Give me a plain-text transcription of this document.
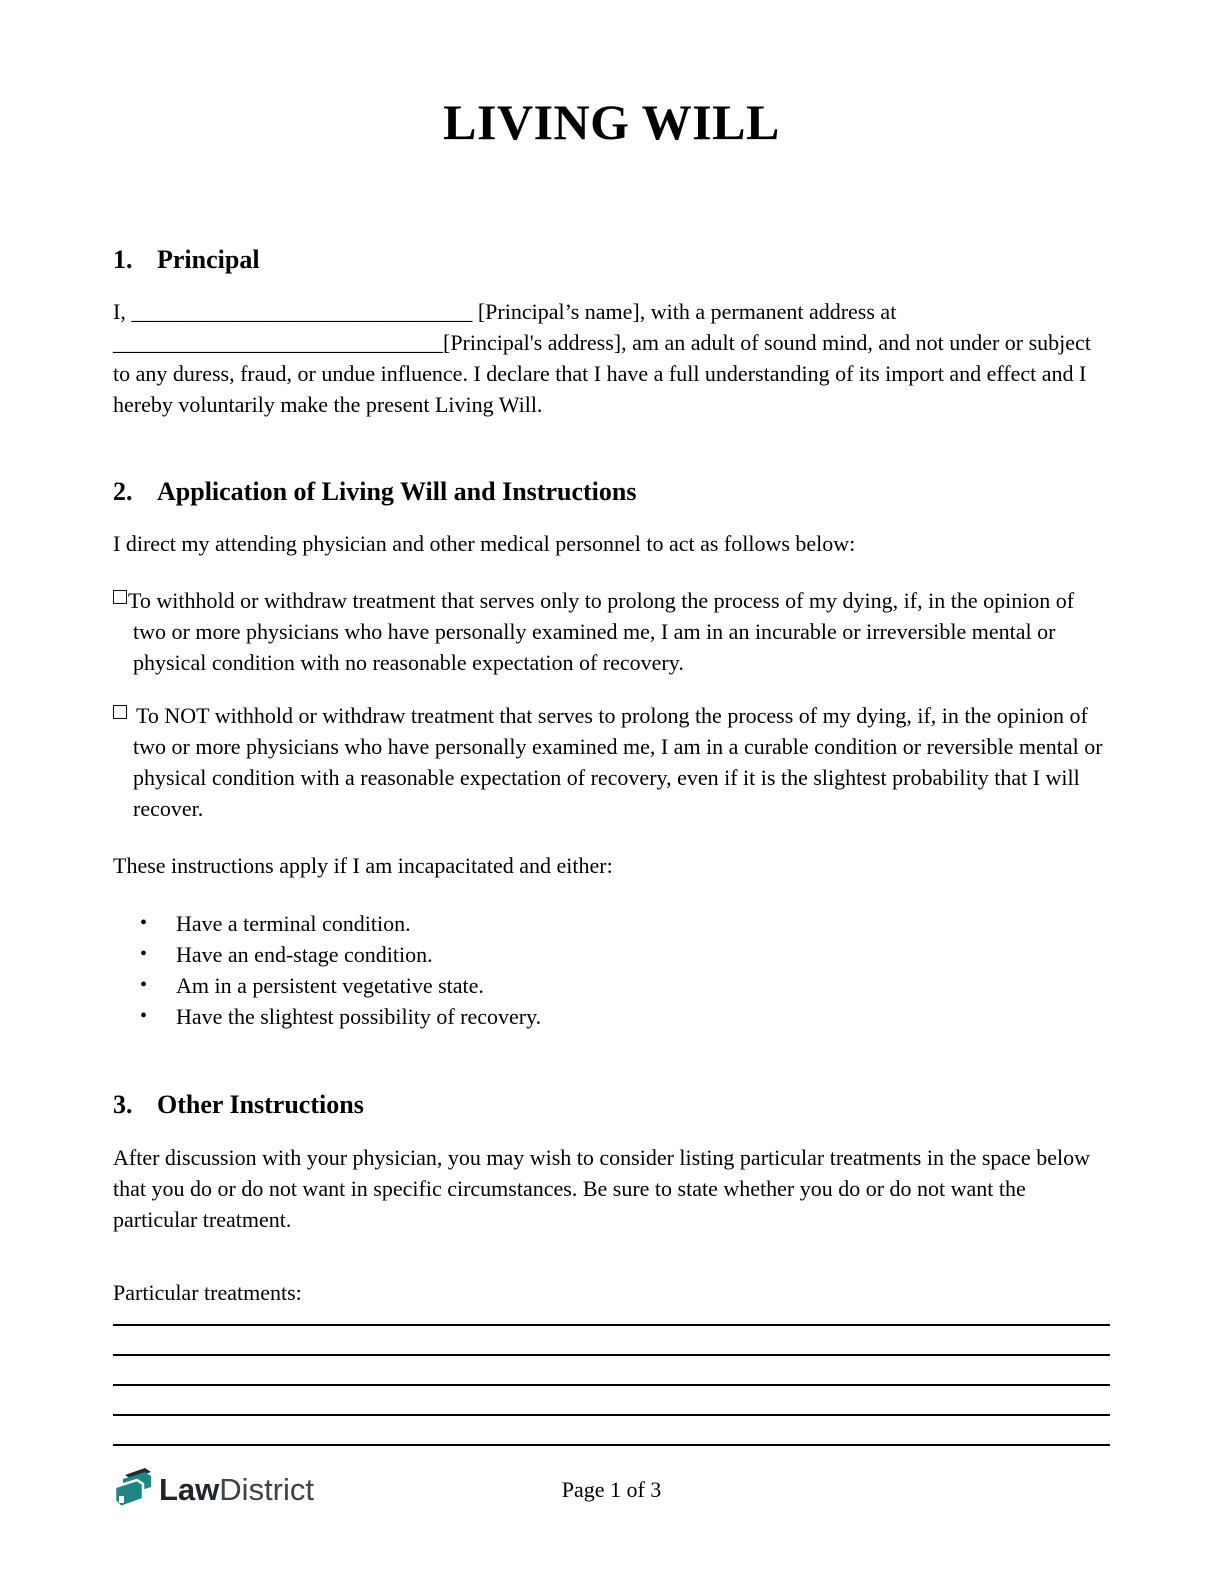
LIVING WILL
1. Principal

I, _______________________________ [Principal’s name], with a permanent address at ______________________________[Principal's address], am an adult of sound mind, and not under or subject to any duress, fraud, or undue influence. I declare that I have a full understanding of its import and effect and I hereby voluntarily make the present Living Will.

2. Application of Living Will and Instructions

I direct my attending physician and other medical personnel to act as follows below:

To withhold or withdraw treatment that serves only to prolong the process of my dying, if, in the opinion of two or more physicians who have personally examined me, I am in an incurable or irreversible mental or physical condition with no reasonable expectation of recovery.
To NOT withhold or withdraw treatment that serves to prolong the process of my dying, if, in the opinion of two or more physicians who have personally examined me, I am in a curable condition or reversible mental or physical condition with a reasonable expectation of recovery, even if it is the slightest probability that I will recover.

These instructions apply if I am incapacitated and either:

• Have a terminal condition.
• Have an end-stage condition.
• Am in a persistent vegetative state.
• Have the slightest possibility of recovery.
3. Other Instructions

After discussion with your physician, you may wish to consider listing particular treatments in the space below that you do or do not want in specific circumstances. Be sure to state whether you do or do not want the particular treatment.

Particular treatments:

LawDistrict	Page 1 of 3
